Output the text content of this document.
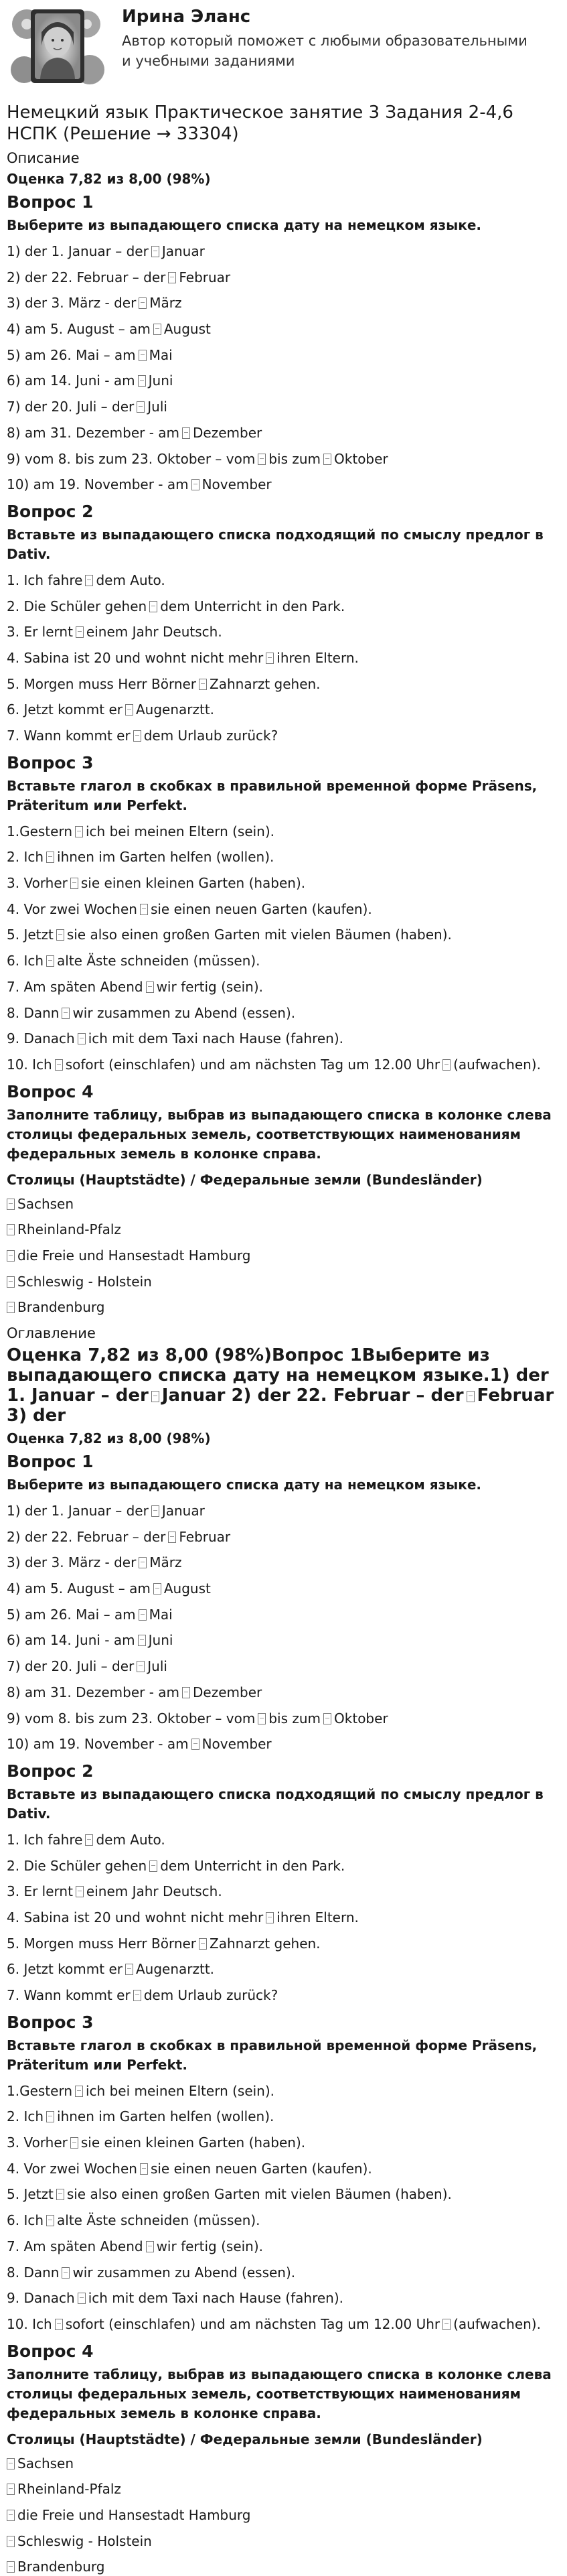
Ирина Эланс
Автор который поможет с любыми образовательными и учебными заданиями
Немецкий язык Практическое занятие 3 Задания 2-4,6 НСПК (Решение → 33304)
Описание
Оценка 7,82 из 8,00 (98%)
Вопрос 1
Выберите из выпадающего списка дату на немецком языке.
1) der 1. Januar – der Januar
2) der 22. Februar – der Februar
3) der 3. März - der März
4) am 5. August – am August
5) am 26. Mai – am Mai
6) am 14. Juni - am Juni
7) der 20. Juli – der Juli
8) am 31. Dezember - am Dezember
9) vom 8. bis zum 23. Oktober – vom bis zum Oktober
10) am 19. November - am November
Вопрос 2
Вставьте из выпадающего списка подходящий по смыслу предлог в Dativ.
1. Ich fahre dem Auto.
2. Die Schüler gehen dem Unterricht in den Park.
3. Er lernt einem Jahr Deutsch.
4. Sabina ist 20 und wohnt nicht mehr ihren Eltern.
5. Morgen muss Herr Börner Zahnarzt gehen.
6. Jetzt kommt er Augenarztt.
7. Wann kommt er dem Urlaub zurück?
Вопрос 3
Вставьте глагол в скобках в правильной временной форме Präsens, Präteritum или Perfekt.
1.Gestern ich bei meinen Eltern (sein).
2. Ich ihnen im Garten helfen (wollen).
3. Vorher sie einen kleinen Garten (haben).
4. Vor zwei Wochen sie einen neuen Garten (kaufen).
5. Jetzt sie also einen großen Garten mit vielen Bäumen (haben).
6. Ich alte Äste schneiden (müssen).
7. Am späten Abend wir fertig (sein).
8. Dann wir zusammen zu Abend (essen).
9. Danach ich mit dem Taxi nach Hause (fahren).
10. Ich sofort (einschlafen) und am nächsten Tag um 12.00 Uhr (aufwachen).
Вопрос 4
Заполните таблицу, выбрав из выпадающего списка в колонке слева столицы федеральных земель, соответствующих наименованиям федеральных земель в колонке справа.
Столицы (Hauptstädte) / Федеральные земли (Bundesländer)
Sachsen
Rheinland-Pfalz
die Freie und Hansestadt Hamburg
Schleswig - Holstein
Brandenburg
Оглавление
Оценка 7,82 из 8,00 (98%)Вопрос 1Выберите из выпадающего списка дату на немецком языке.1) der 1. Januar – der Januar 2) der 22. Februar – der Februar 3) der
Оценка 7,82 из 8,00 (98%)
Вопрос 1
Выберите из выпадающего списка дату на немецком языке.
1) der 1. Januar – der Januar
2) der 22. Februar – der Februar
3) der 3. März - der März
4) am 5. August – am August
5) am 26. Mai – am Mai
6) am 14. Juni - am Juni
7) der 20. Juli – der Juli
8) am 31. Dezember - am Dezember
9) vom 8. bis zum 23. Oktober – vom bis zum Oktober
10) am 19. November - am November
Вопрос 2
Вставьте из выпадающего списка подходящий по смыслу предлог в Dativ.
1. Ich fahre dem Auto.
2. Die Schüler gehen dem Unterricht in den Park.
3. Er lernt einem Jahr Deutsch.
4. Sabina ist 20 und wohnt nicht mehr ihren Eltern.
5. Morgen muss Herr Börner Zahnarzt gehen.
6. Jetzt kommt er Augenarztt.
7. Wann kommt er dem Urlaub zurück?
Вопрос 3
Вставьте глагол в скобках в правильной временной форме Präsens, Präteritum или Perfekt.
1.Gestern ich bei meinen Eltern (sein).
2. Ich ihnen im Garten helfen (wollen).
3. Vorher sie einen kleinen Garten (haben).
4. Vor zwei Wochen sie einen neuen Garten (kaufen).
5. Jetzt sie also einen großen Garten mit vielen Bäumen (haben).
6. Ich alte Äste schneiden (müssen).
7. Am späten Abend wir fertig (sein).
8. Dann wir zusammen zu Abend (essen).
9. Danach ich mit dem Taxi nach Hause (fahren).
10. Ich sofort (einschlafen) und am nächsten Tag um 12.00 Uhr (aufwachen).
Вопрос 4
Заполните таблицу, выбрав из выпадающего списка в колонке слева столицы федеральных земель, соответствующих наименованиям федеральных земель в колонке справа.
Столицы (Hauptstädte) / Федеральные земли (Bundesländer)
Sachsen
Rheinland-Pfalz
die Freie und Hansestadt Hamburg
Schleswig - Holstein
Brandenburg
